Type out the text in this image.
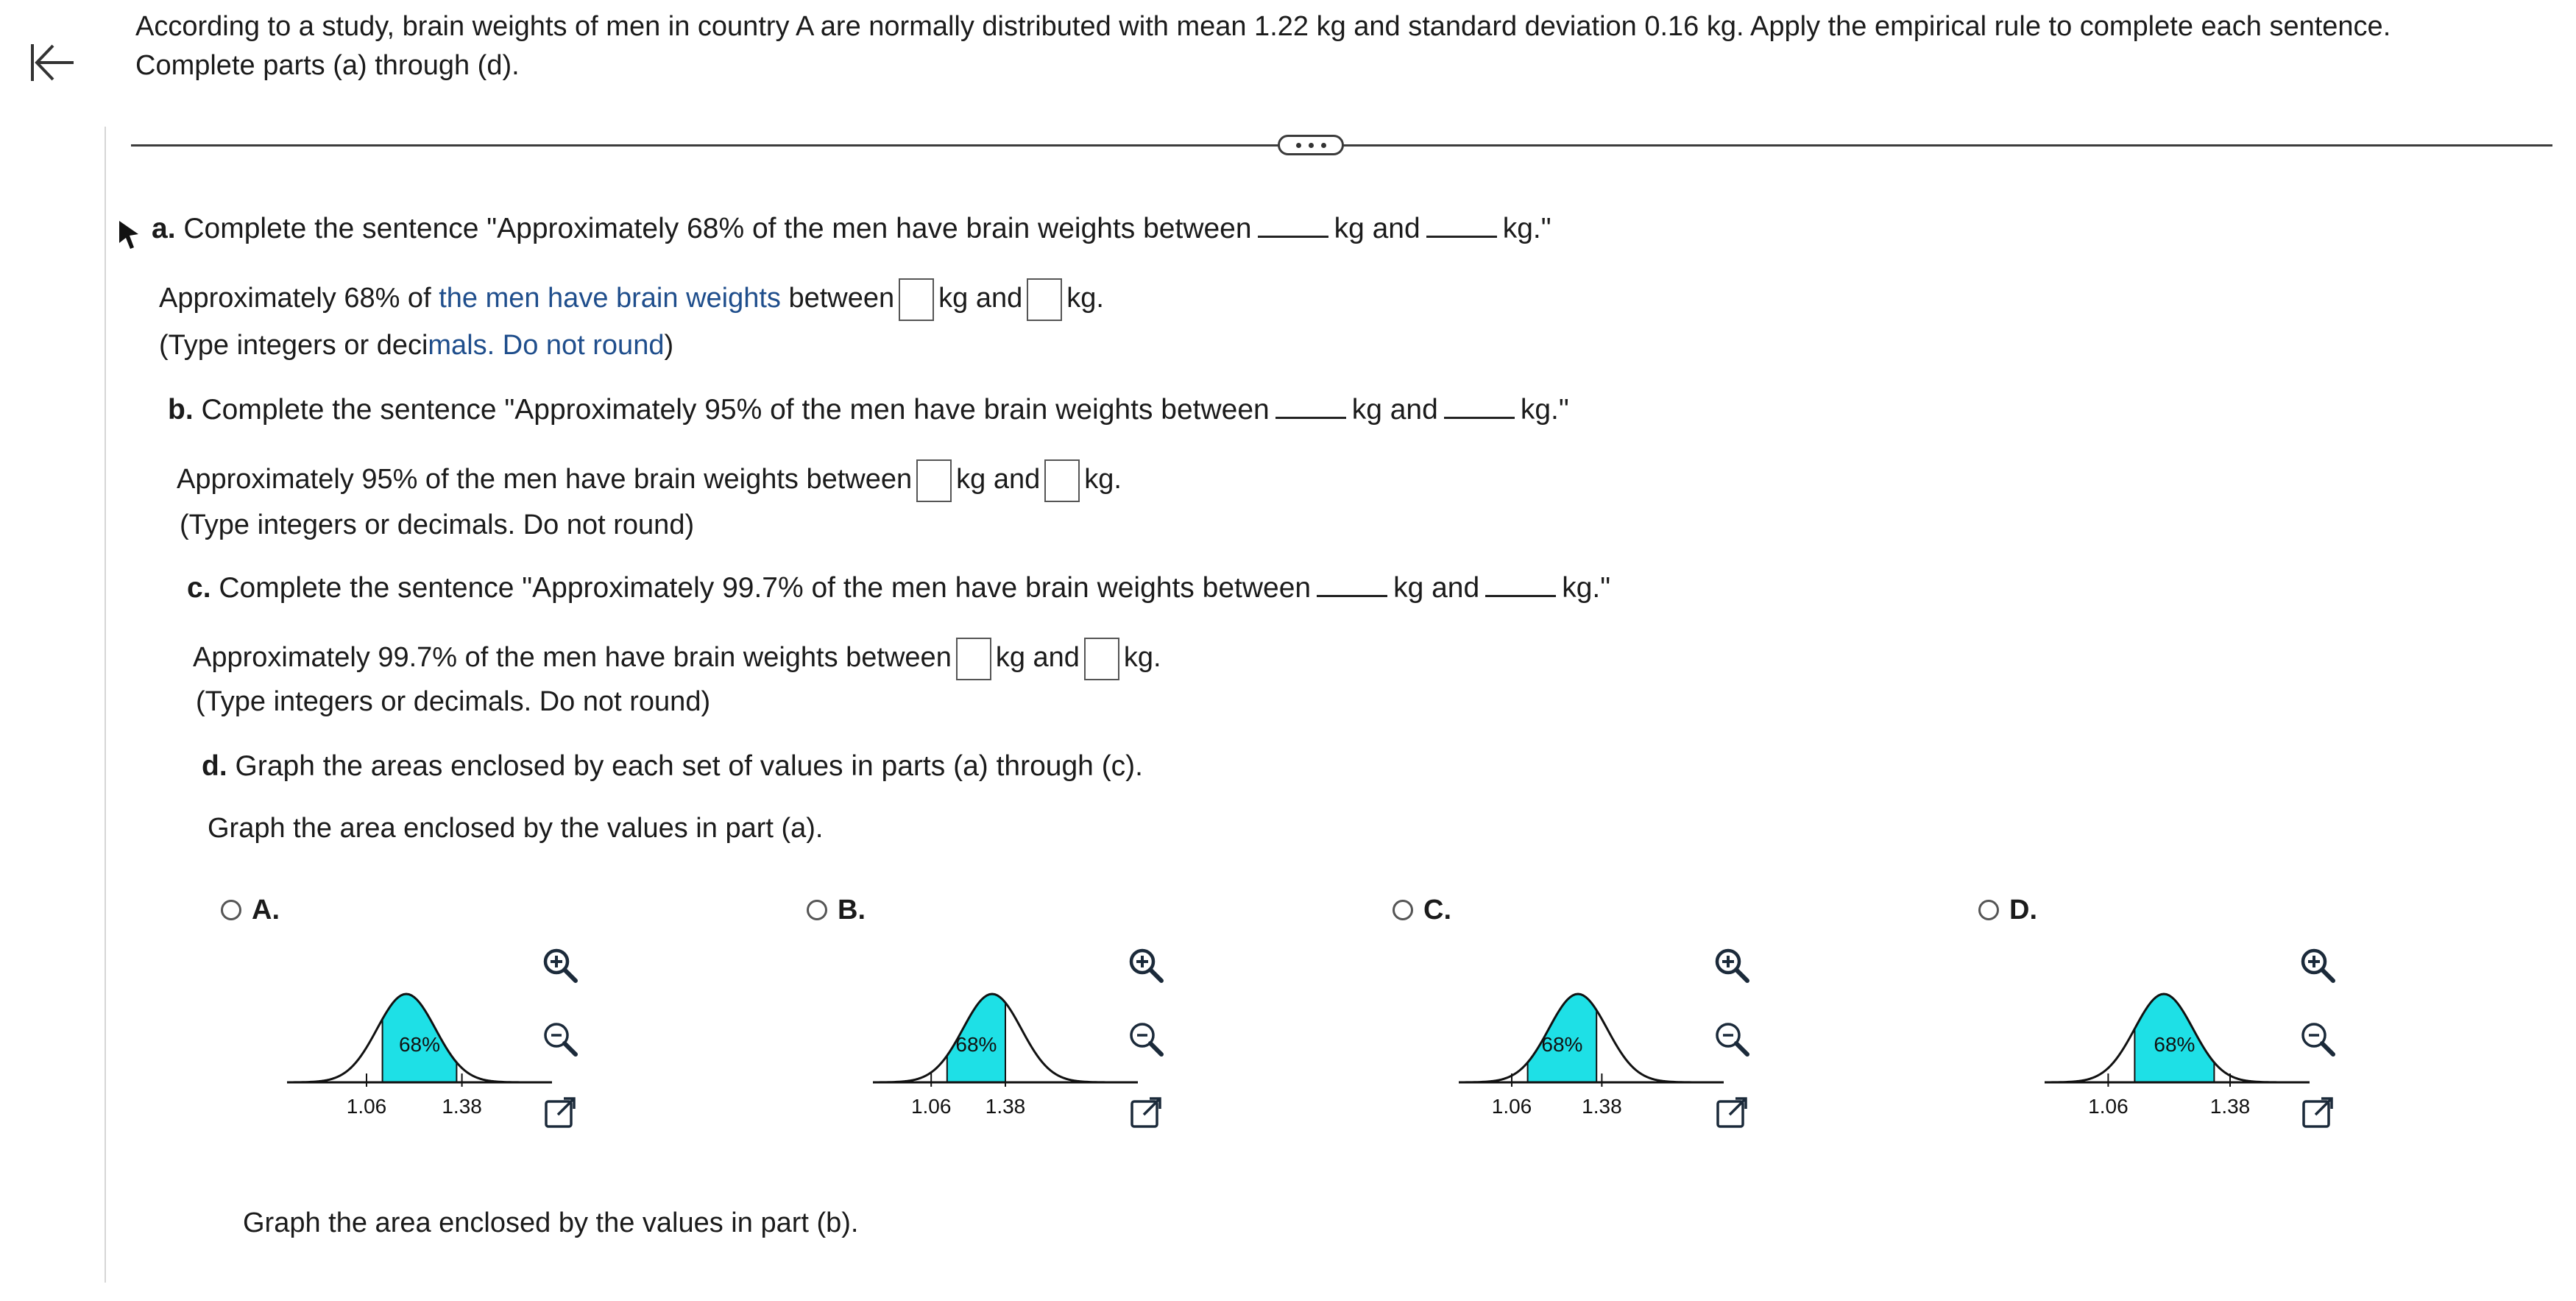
According to a study, brain weights of men in country A are normally distributed with mean 1.22 kg and standard deviation 0.16 kg. Apply the empirical rule to complete each sentence. Complete parts (a) through (d).
a. Complete the sentence "Approximately 68% of the men have brain weights between	kg and	kg."
Approximately 68% of the men have brain weights between kg and kg.
(Type integers or decimals. Do not round)
b. Complete the sentence "Approximately 95% of the men have brain weights between	kg and	kg."
Approximately 95% of the men have brain weights between kg and kg.
(Type integers or decimals. Do not round)
c. Complete the sentence "Approximately 99.7% of the men have brain weights between	kg and	kg."
Approximately 99.7% of the men have brain weights between kg and kg.
(Type integers or decimals. Do not round)
d. Graph the areas enclosed by each set of values in parts (a) through (c).
Graph the area enclosed by the values in part (a).
Graph the area enclosed by the values in part (b).
A.
1.06	1.38
68%
B.
1.06 1.38
68%
C.
1.06 1.38
68%
D.
1.06	1.38
68%
